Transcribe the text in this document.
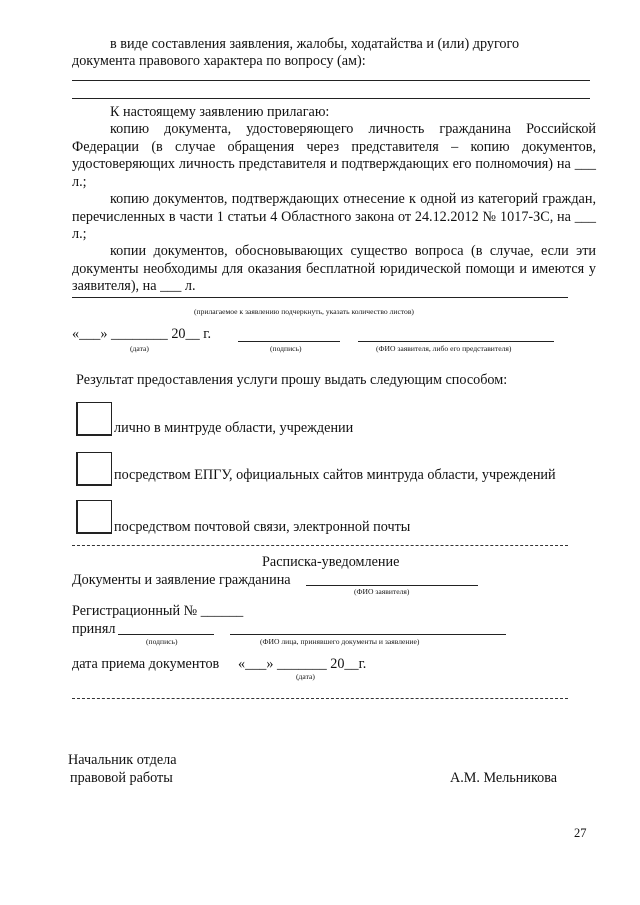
в виде составления заявления, жалобы, ходатайства и (или) другого
документа правового характера по вопросу (ам):
К настоящему заявлению прилагаю:
копию документа, удостоверяющего личность гражданина Российской Федерации (в случае обращения через представителя – копию документов, удостоверяющих личность представителя и подтверждающих его полномочия) на ___ л.;
копию документов, подтверждающих отнесение к одной из категорий граждан, перечисленных в части 1 статьи 4 Областного закона от 24.12.2012 № 1017-ЗС, на ___ л.;
копии документов, обосновывающих существо вопроса (в случае, если эти документы необходимы для оказания бесплатной юридической помощи и имеются у заявителя), на ___ л.
(прилагаемое к заявлению подчеркнуть, указать количество листов)
«___» ________ 20__ г.
(дата)	(подпись)	(ФИО заявителя, либо его представителя)
Результат предоставления услуги прошу выдать следующим способом:
лично в минтруде области, учреждении
посредством ЕПГУ, официальных сайтов минтруда области, учреждений
посредством почтовой связи, электронной почты
Расписка-уведомление
Документы и заявление гражданина
(ФИО заявителя)
Регистрационный № ______
принял
(подпись)	(ФИО лица, принявшего документы и заявление)
дата приема документов «___» _______ 20__г.
(дата)
Начальник отдела
правовой работы	А.М. Мельникова
27
